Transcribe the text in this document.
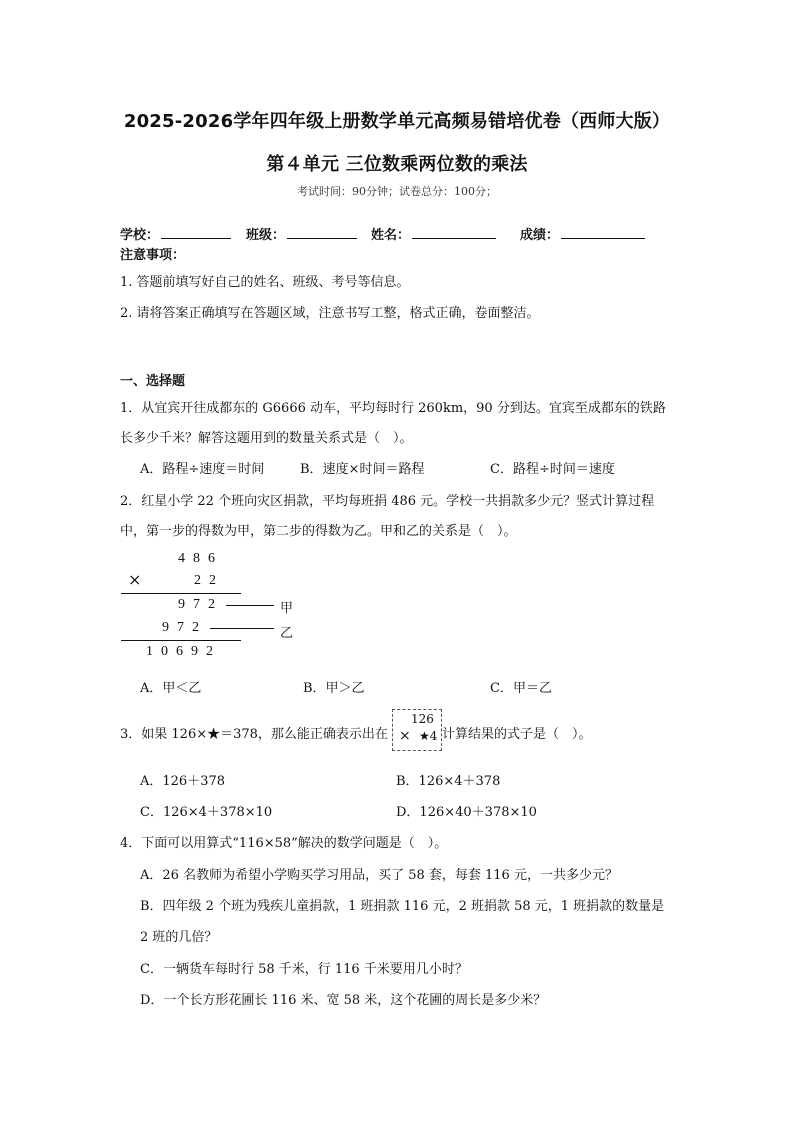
2025-2026学年四年级上册数学单元高频易错培优卷（西师大版）
第４单元 三位数乘两位数的乘法
考试时间：90分钟；试卷总分：100分；
学校：	班级：	姓名：	成绩：
注意事项：
1. 答题前填写好自己的姓名、班级、考号等信息。
2. 请将答案正确填写在答题区域，注意书写工整，格式正确，卷面整洁。
一、选择题
1．从宜宾开往成都东的 G6666 动车，平均每时行 260km，90 分到达。宜宾至成都东的铁路
长多少千米？解答这题用到的数量关系式是（　）。
A．路程÷速度＝时间	B．速度×时间＝路程	C．路程÷时间＝速度
2．红星小学 22 个班向灾区捐款，平均每班捐 486 元。学校一共捐款多少元？竖式计算过程
中，第一步的得数为甲，第二步的得数为乙。甲和乙的关系是（　）。
486
×	22
972	甲
972	乙
10692
A．甲＜乙	B．甲＞乙	C．甲＝乙
3．如果 126×★＝378，那么能正确表示出在
126
× ★4 计算结果的式子是（　）。
A．126＋378	B．126×4＋378
C．126×4＋378×10	D．126×40＋378×10
4．下面可以用算式“116×58”解决的数学问题是（　）。
A．26 名教师为希望小学购买学习用品，买了 58 套，每套 116 元，一共多少元？
B．四年级 2 个班为残疾儿童捐款，1 班捐款 116 元，2 班捐款 58 元，1 班捐款的数量是
2 班的几倍？
C．一辆货车每时行 58 千米，行 116 千米要用几小时？
D．一个长方形花圃长 116 米、宽 58 米，这个花圃的周长是多少米？
